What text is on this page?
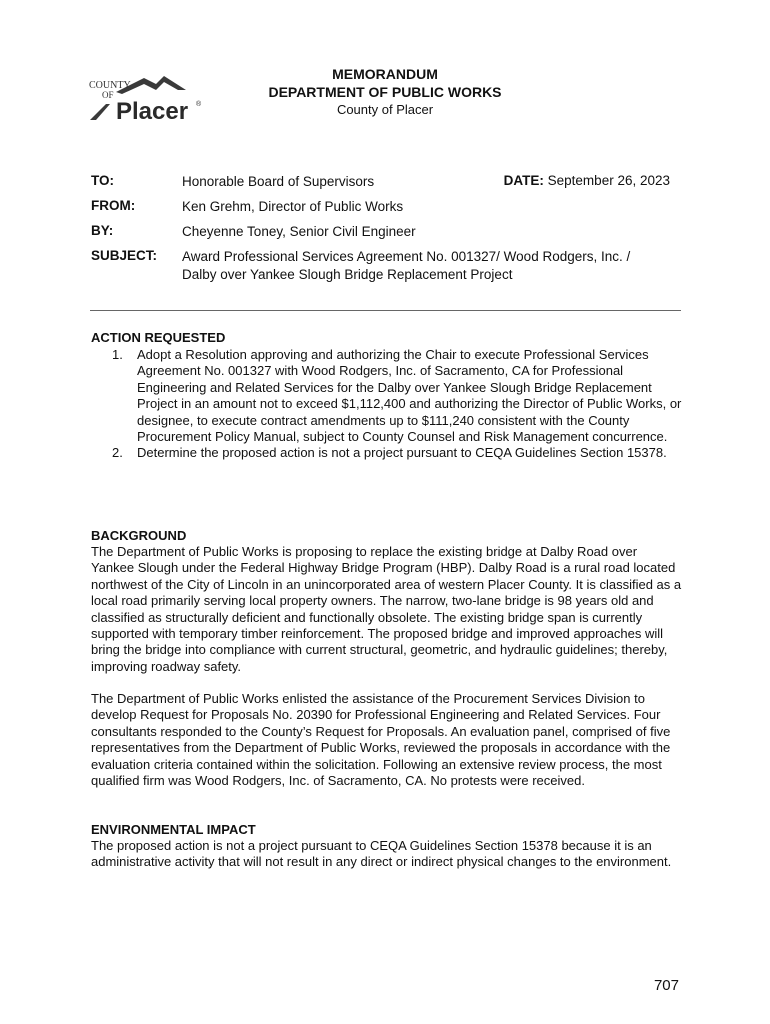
COUNTY
OF
Placer ®
MEMORANDUM
DEPARTMENT OF PUBLIC WORKS
County of Placer
TO:	Honorable Board of Supervisors	DATE: September 26, 2023
FROM:	Ken Grehm, Director of Public Works
BY:	Cheyenne Toney, Senior Civil Engineer
SUBJECT: Award Professional Services Agreement No. 001327/ Wood Rodgers, Inc. /
Dalby over Yankee Slough Bridge Replacement Project
ACTION REQUESTED
1. Adopt a Resolution approving and authorizing the Chair to execute Professional Services Agreement No. 001327 with Wood Rodgers, Inc. of Sacramento, CA for Professional Engineering and Related Services for the Dalby over Yankee Slough Bridge Replacement Project in an amount not to exceed $1,112,400 and authorizing the Director of Public Works, or designee, to execute contract amendments up to $111,240 consistent with the County Procurement Policy Manual, subject to County Counsel and Risk Management concurrence.
2. Determine the proposed action is not a project pursuant to CEQA Guidelines Section 15378.
BACKGROUND

The Department of Public Works is proposing to replace the existing bridge at Dalby Road over Yankee Slough under the Federal Highway Bridge Program (HBP). Dalby Road is a rural road located northwest of the City of Lincoln in an unincorporated area of western Placer County. It is classified as a local road primarily serving local property owners. The narrow, two-lane bridge is 98 years old and classified as structurally deficient and functionally obsolete. The existing bridge span is currently supported with temporary timber reinforcement. The proposed bridge and improved approaches will bring the bridge into compliance with current structural, geometric, and hydraulic guidelines; thereby, improving roadway safety.

The Department of Public Works enlisted the assistance of the Procurement Services Division to develop Request for Proposals No. 20390 for Professional Engineering and Related Services. Four consultants responded to the County’s Request for Proposals. An evaluation panel, comprised of five representatives from the Department of Public Works, reviewed the proposals in accordance with the evaluation criteria contained within the solicitation. Following an extensive review process, the most qualified firm was Wood Rodgers, Inc. of Sacramento, CA. No protests were received.

ENVIRONMENTAL IMPACT

The proposed action is not a project pursuant to CEQA Guidelines Section 15378 because it is an administrative activity that will not result in any direct or indirect physical changes to the environment.

707
